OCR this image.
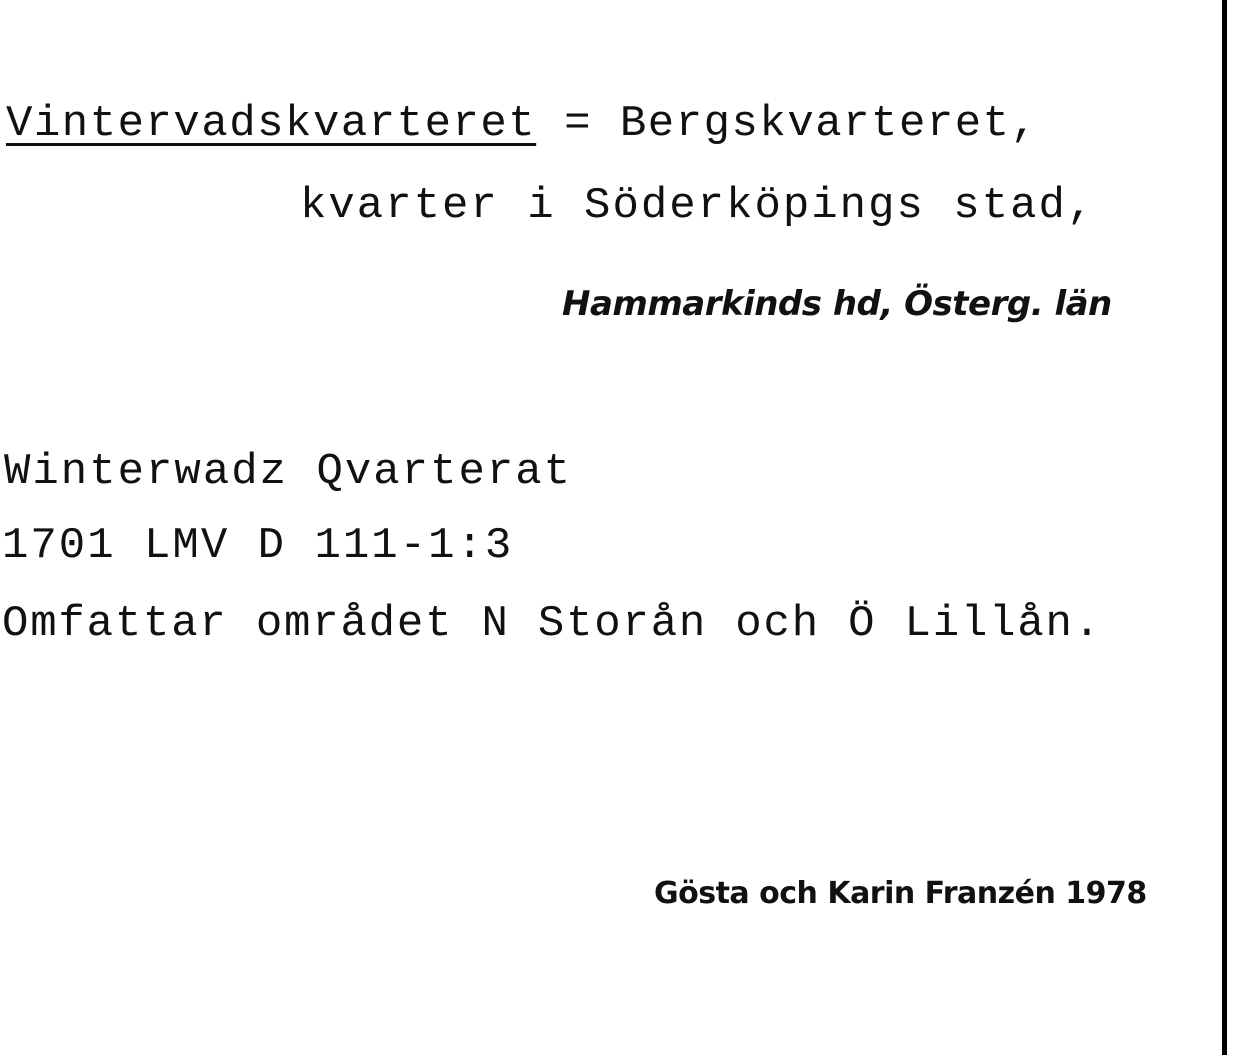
Vintervadskvarteret = Bergskvarteret,
kvarter i Söderköpings stad,
Hammarkinds hd, Österg. län
Winterwadz Qvarterat
1701 LMV D 111-1:3
Omfattar området N Storån och Ö Lillån.
Gösta och Karin Franzén 1978
